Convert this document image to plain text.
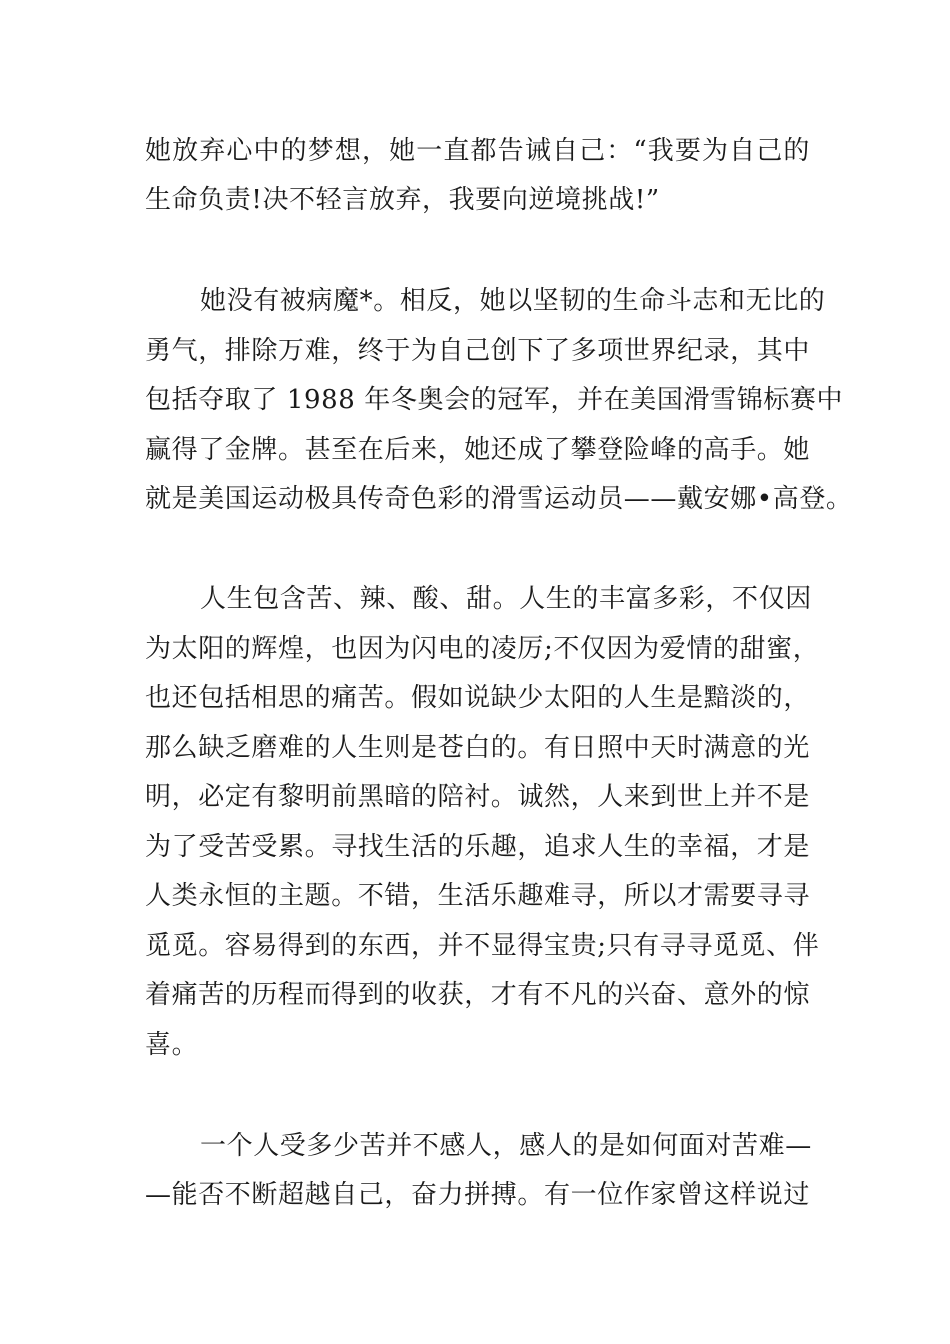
她放弃心中的梦想，她一直都告诫自己：“我要为自己的
生命负责!决不轻言放弃，我要向逆境挑战!”
她没有被病魔*。相反，她以坚韧的生命斗志和无比的
勇气，排除万难，终于为自己创下了多项世界纪录，其中
包括夺取了 1988 年冬奥会的冠军，并在美国滑雪锦标赛中
赢得了金牌。甚至在后来，她还成了攀登险峰的高手。她
就是美国运动极具传奇色彩的滑雪运动员——戴安娜•高登。
人生包含苦、辣、酸、甜。人生的丰富多彩，不仅因
为太阳的辉煌，也因为闪电的凌厉;不仅因为爱情的甜蜜，
也还包括相思的痛苦。假如说缺少太阳的人生是黯淡的，
那么缺乏磨难的人生则是苍白的。有日照中天时满意的光
明，必定有黎明前黑暗的陪衬。诚然，人来到世上并不是
为了受苦受累。寻找生活的乐趣，追求人生的幸福，才是
人类永恒的主题。不错，生活乐趣难寻，所以才需要寻寻
觅觅。容易得到的东西，并不显得宝贵;只有寻寻觅觅、伴
着痛苦的历程而得到的收获，才有不凡的兴奋、意外的惊
喜。
一个人受多少苦并不感人，感人的是如何面对苦难—
—能否不断超越自己，奋力拼搏。有一位作家曾这样说过
